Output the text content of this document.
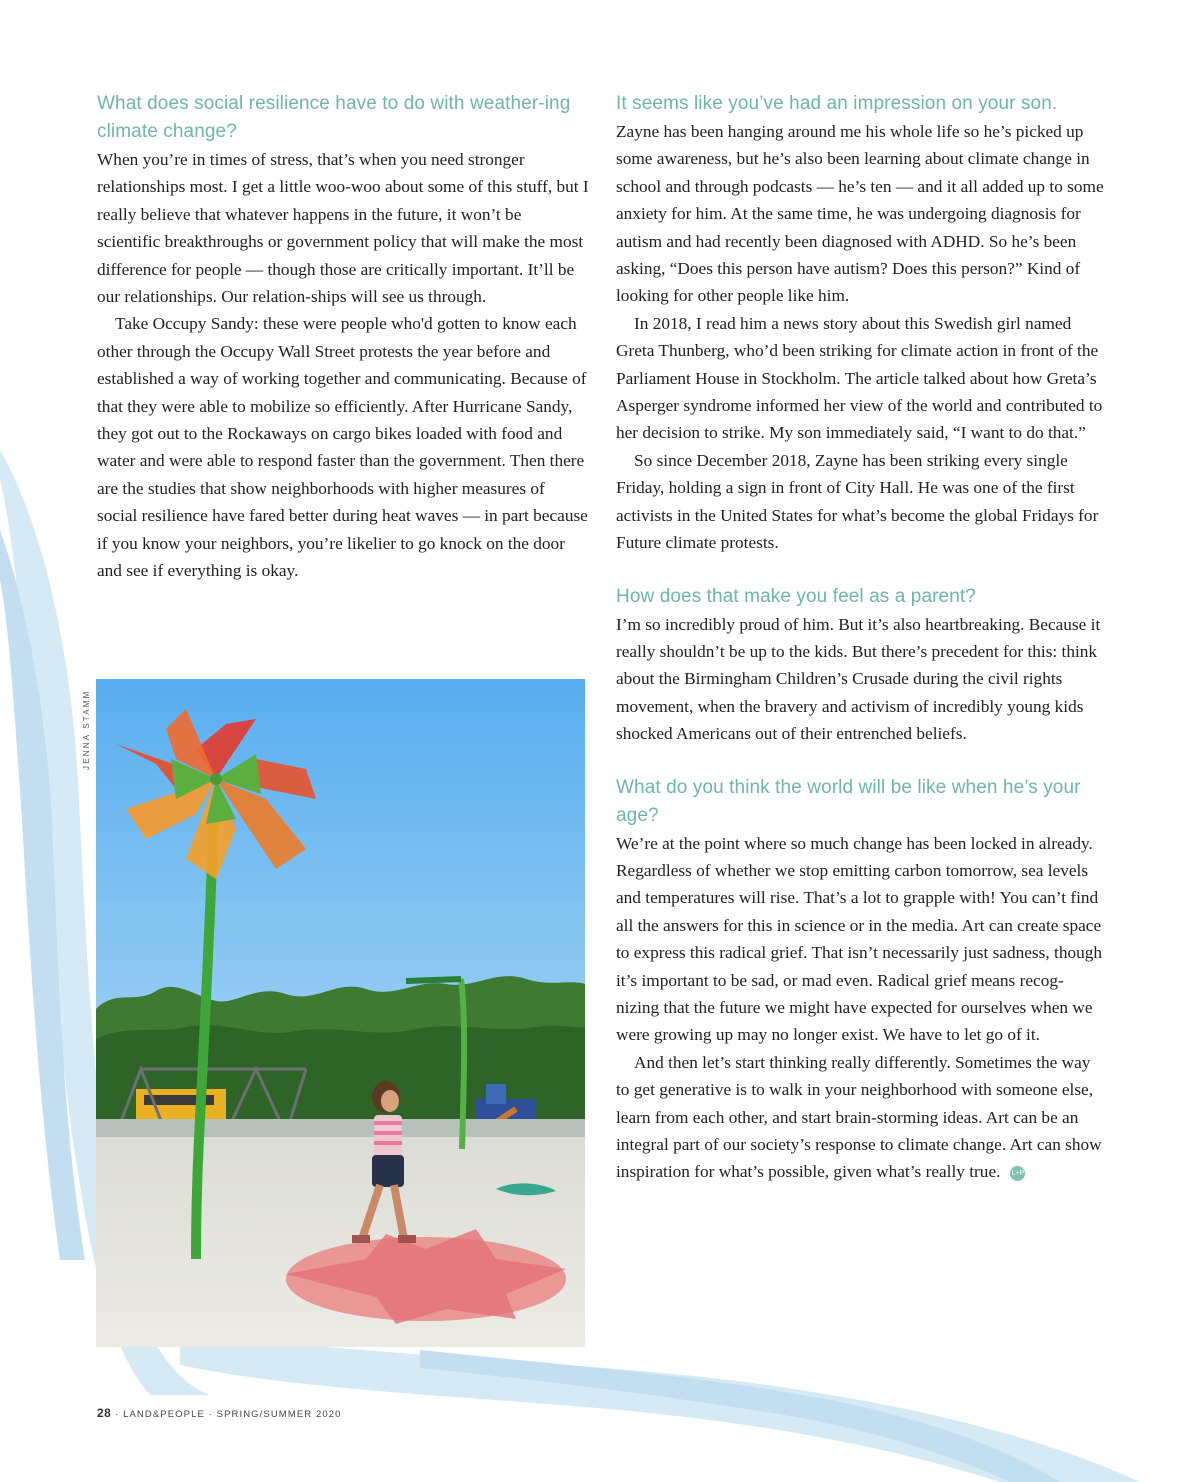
What does social resilience have to do with weather-ing climate change?

When you’re in times of stress, that’s when you need stronger relationships most. I get a little woo-woo about some of this stuff, but I really believe that whatever happens in the future, it won’t be scientific breakthroughs or government policy that will make the most difference for people — though those are critically important. It’ll be our relationships. Our relation-ships will see us through.

Take Occupy Sandy: these were people who'd gotten to know each other through the Occupy Wall Street protests the year before and established a way of working together and communicating. Because of that they were able to mobilize so efficiently. After Hurricane Sandy, they got out to the Rockaways on cargo bikes loaded with food and water and were able to respond faster than the government. Then there are the studies that show neighborhoods with higher measures of social resilience have fared better during heat waves — in part because if you know your neighbors, you’re likelier to go knock on the door and see if everything is okay.

It seems like you’ve had an impression on your son.

Zayne has been hanging around me his whole life so he’s picked up some awareness, but he’s also been learning about climate change in school and through podcasts — he’s ten — and it all added up to some anxiety for him. At the same time, he was undergoing diagnosis for autism and had recently been diagnosed with ADHD. So he’s been asking, “Does this person have autism? Does this person?” Kind of looking for other people like him.

In 2018, I read him a news story about this Swedish girl named Greta Thunberg, who’d been striking for climate action in front of the Parliament House in Stockholm. The article talked about how Greta’s Asperger syndrome informed her view of the world and contributed to her decision to strike. My son immediately said, “I want to do that.”

So since December 2018, Zayne has been striking every single Friday, holding a sign in front of City Hall. He was one of the first activists in the United States for what’s become the global Fridays for Future climate protests.

How does that make you feel as a parent?

I’m so incredibly proud of him. But it’s also heartbreaking. Because it really shouldn’t be up to the kids. But there’s precedent for this: think about the Birmingham Children’s Crusade during the civil rights movement, when the bravery and activism of incredibly young kids shocked Americans out of their entrenched beliefs.

What do you think the world will be like when he’s your age?

We’re at the point where so much change has been locked in already. Regardless of whether we stop emitting carbon tomorrow, sea levels and temperatures will rise. That’s a lot to grapple with! You can’t find all the answers for this in science or in the media. Art can create space to express this radical grief. That isn’t necessarily just sadness, though it’s important to be sad, or mad even. Radical grief means recog-nizing that the future we might have expected for ourselves when we were growing up may no longer exist. We have to let go of it.

And then let’s start thinking really differently. Sometimes the way to get generative is to walk in your neighborhood with someone else, learn from each other, and start brain-storming ideas. Art can be an integral part of our society’s response to climate change. Art can show inspiration for what’s possible, given what’s really true. L+P

JENNA STAMM
28 · LAND&PEOPLE · SPRING/SUMMER 2020
